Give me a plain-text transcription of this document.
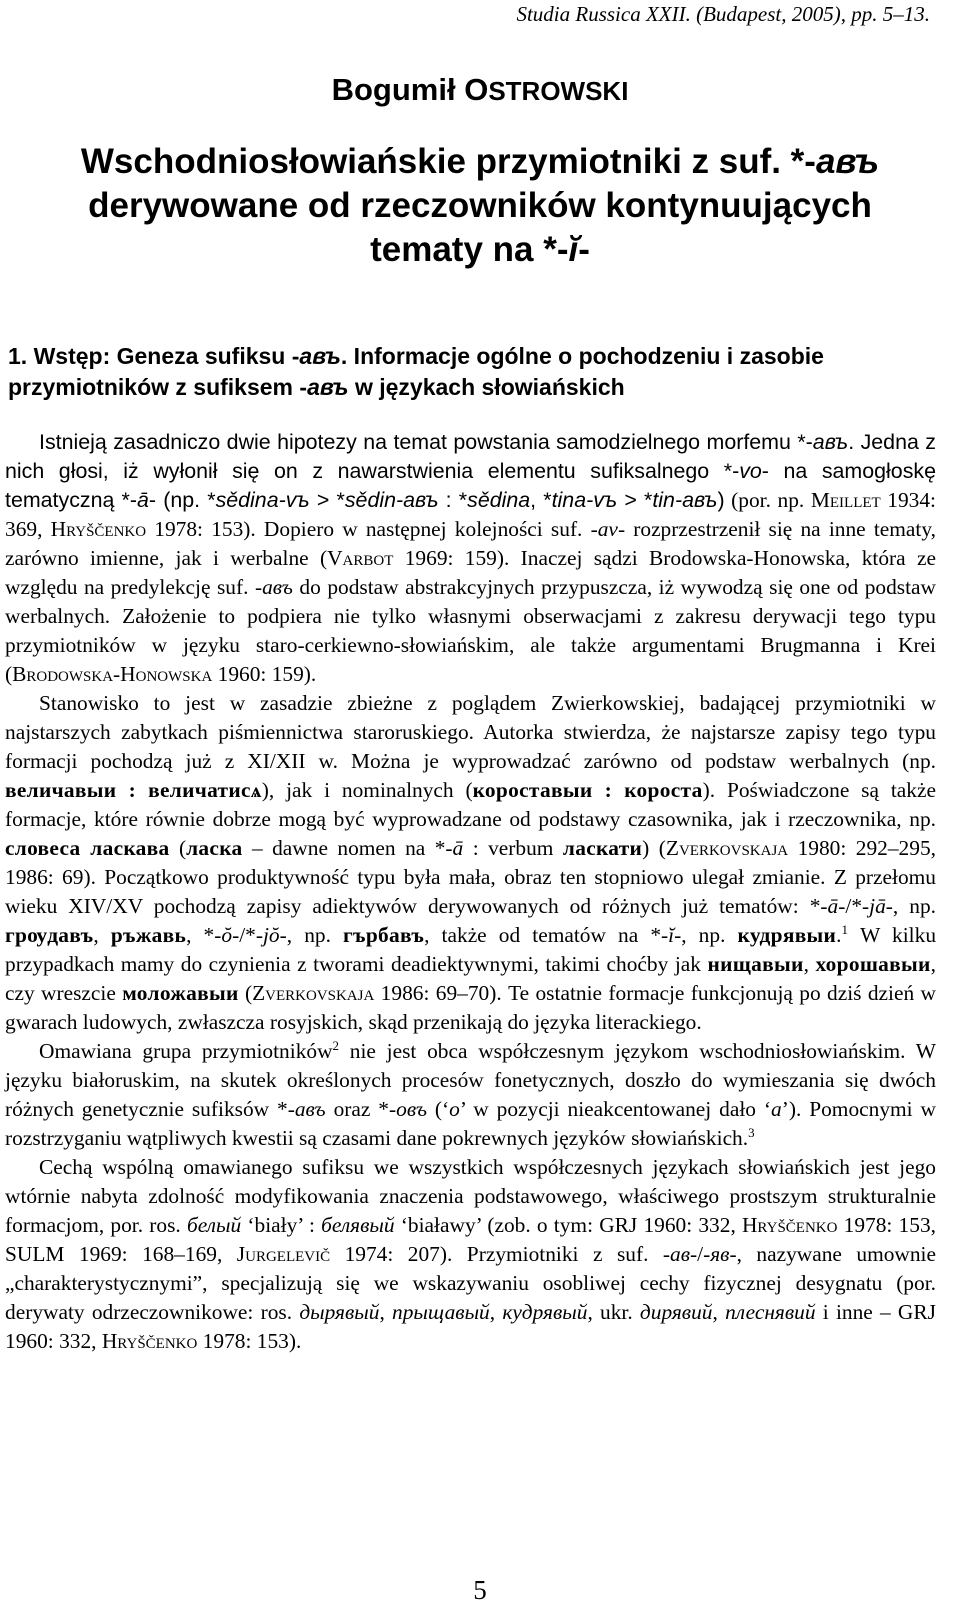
Studia Russica XXII. (Budapest, 2005), pp. 5–13.
Bogumił OSTROWSKI
Wschodniosłowiańskie przymiotniki z suf. *-авъ derywowane od rzeczowników kontynuujących tematy na *-ĭ-
1. Wstęp: Geneza sufiksu -авъ. Informacje ogólne o pochodzeniu i zasobie przymiotników z sufiksem -авъ w językach słowiańskich

Istnieją zasadniczo dwie hipotezy na temat powstania samodzielnego morfemu *-авъ. Jedna z nich głosi, iż wyłonił się on z nawarstwienia elementu sufiksalnego *-vo- na samogłoskę tematyczną *-ā- (np. *sědina-vъ > *sědin-авъ : *sědina, *tina-vъ > *tin-авъ) (por. np. Meillet 1934: 369, Hryščenko 1978: 153). Dopiero w następnej kolejności suf. -av- rozprzestrzenił się na inne tematy, zarówno imienne, jak i werbalne (Varbot 1969: 159). Inaczej sądzi Brodowska-Honowska, która ze względu na predylekcję suf. -авъ do podstaw abstrakcyjnych przypuszcza, iż wywodzą się one od podstaw werbalnych. Założenie to podpiera nie tylko własnymi obserwacjami z zakresu derywacji tego typu przymiotników w języku staro-cerkiewno-słowiańskim, ale także argumentami Brugmanna i Krei (Brodowska-Honowska 1960: 159).

Stanowisko to jest w zasadzie zbieżne z poglądem Zwierkowskiej, badającej przymiotniki w najstarszych zabytkach piśmiennictwa staroruskiego. Autorka stwierdza, że najstarsze zapisy tego typu formacji pochodzą już z XI/XII w. Można je wyprowadzać zarówno od podstaw werbalnych (np. величавыи : величатисѧ), jak i nominalnych (короставыи : короста). Poświadczone są także formacje, które równie dobrze mogą być wyprowadzane od podstawy czasownika, jak i rzeczownika, np. словеса ласкава (ласка – dawne nomen na *-ā : verbum ласкати) (Zverkovskaja 1980: 292–295, 1986: 69). Początkowo produktywność typu była mała, obraz ten stopniowo ulegał zmianie. Z przełomu wieku XIV/XV pochodzą zapisy adiektywów derywowanych od różnych już tematów: *-ā-/*-jā-, np. грѹдавъ, ръжавь, *-ŏ-/*-jŏ-, np. гърбавъ, także od tematów na *-ĭ-, np. кудрявыи.$^1$ W kilku przypadkach mamy do czynienia z tworami deadiektywnymi, takimi choćby jak нищавыи, хорошавыи, czy wreszcie моложавыи (Zverkovskaja 1986: 69–70). Te ostatnie formacje funkcjonują po dziś dzień w gwarach ludowych, zwłaszcza rosyjskich, skąd przenikają do języka literackiego.

Omawiana grupa przymiotników$^2$ nie jest obca współczesnym językom wschodniosłowiańskim. W języku białoruskim, na skutek określonych procesów fonetycznych, doszło do wymieszania się dwóch różnych genetycznie sufiksów *-авъ oraz *-овъ (‘o’ w pozycji nieakcentowanej dało ‘a’). Pomocnymi w rozstrzyganiu wątpliwych kwestii są czasami dane pokrewnych języków słowiańskich.$^3$

Cechą wspólną omawianego sufiksu we wszystkich współczesnych językach słowiańskich jest jego wtórnie nabyta zdolność modyfikowania znaczenia podstawowego, właściwego prostszym strukturalnie formacjom, por. ros. белый ‘biały’ : белявый ‘białawy’ (zob. o tym: GRJ 1960: 332, Hryščenko 1978: 153, SULM 1969: 168–169, Jurgelevič 1974: 207). Przymiotniki z suf. -ав-/-яв-, nazywane umownie „charakterystycznymi”, specjalizują się we wskazywaniu osobliwej cechy fizycznej desygnatu (por. derywaty odrzeczownikowe: ros. дырявый, прыщавый, кудрявый, ukr. дирявий, плеснявий i inne – GRJ 1960: 332, Hryščenko 1978: 153).

5
